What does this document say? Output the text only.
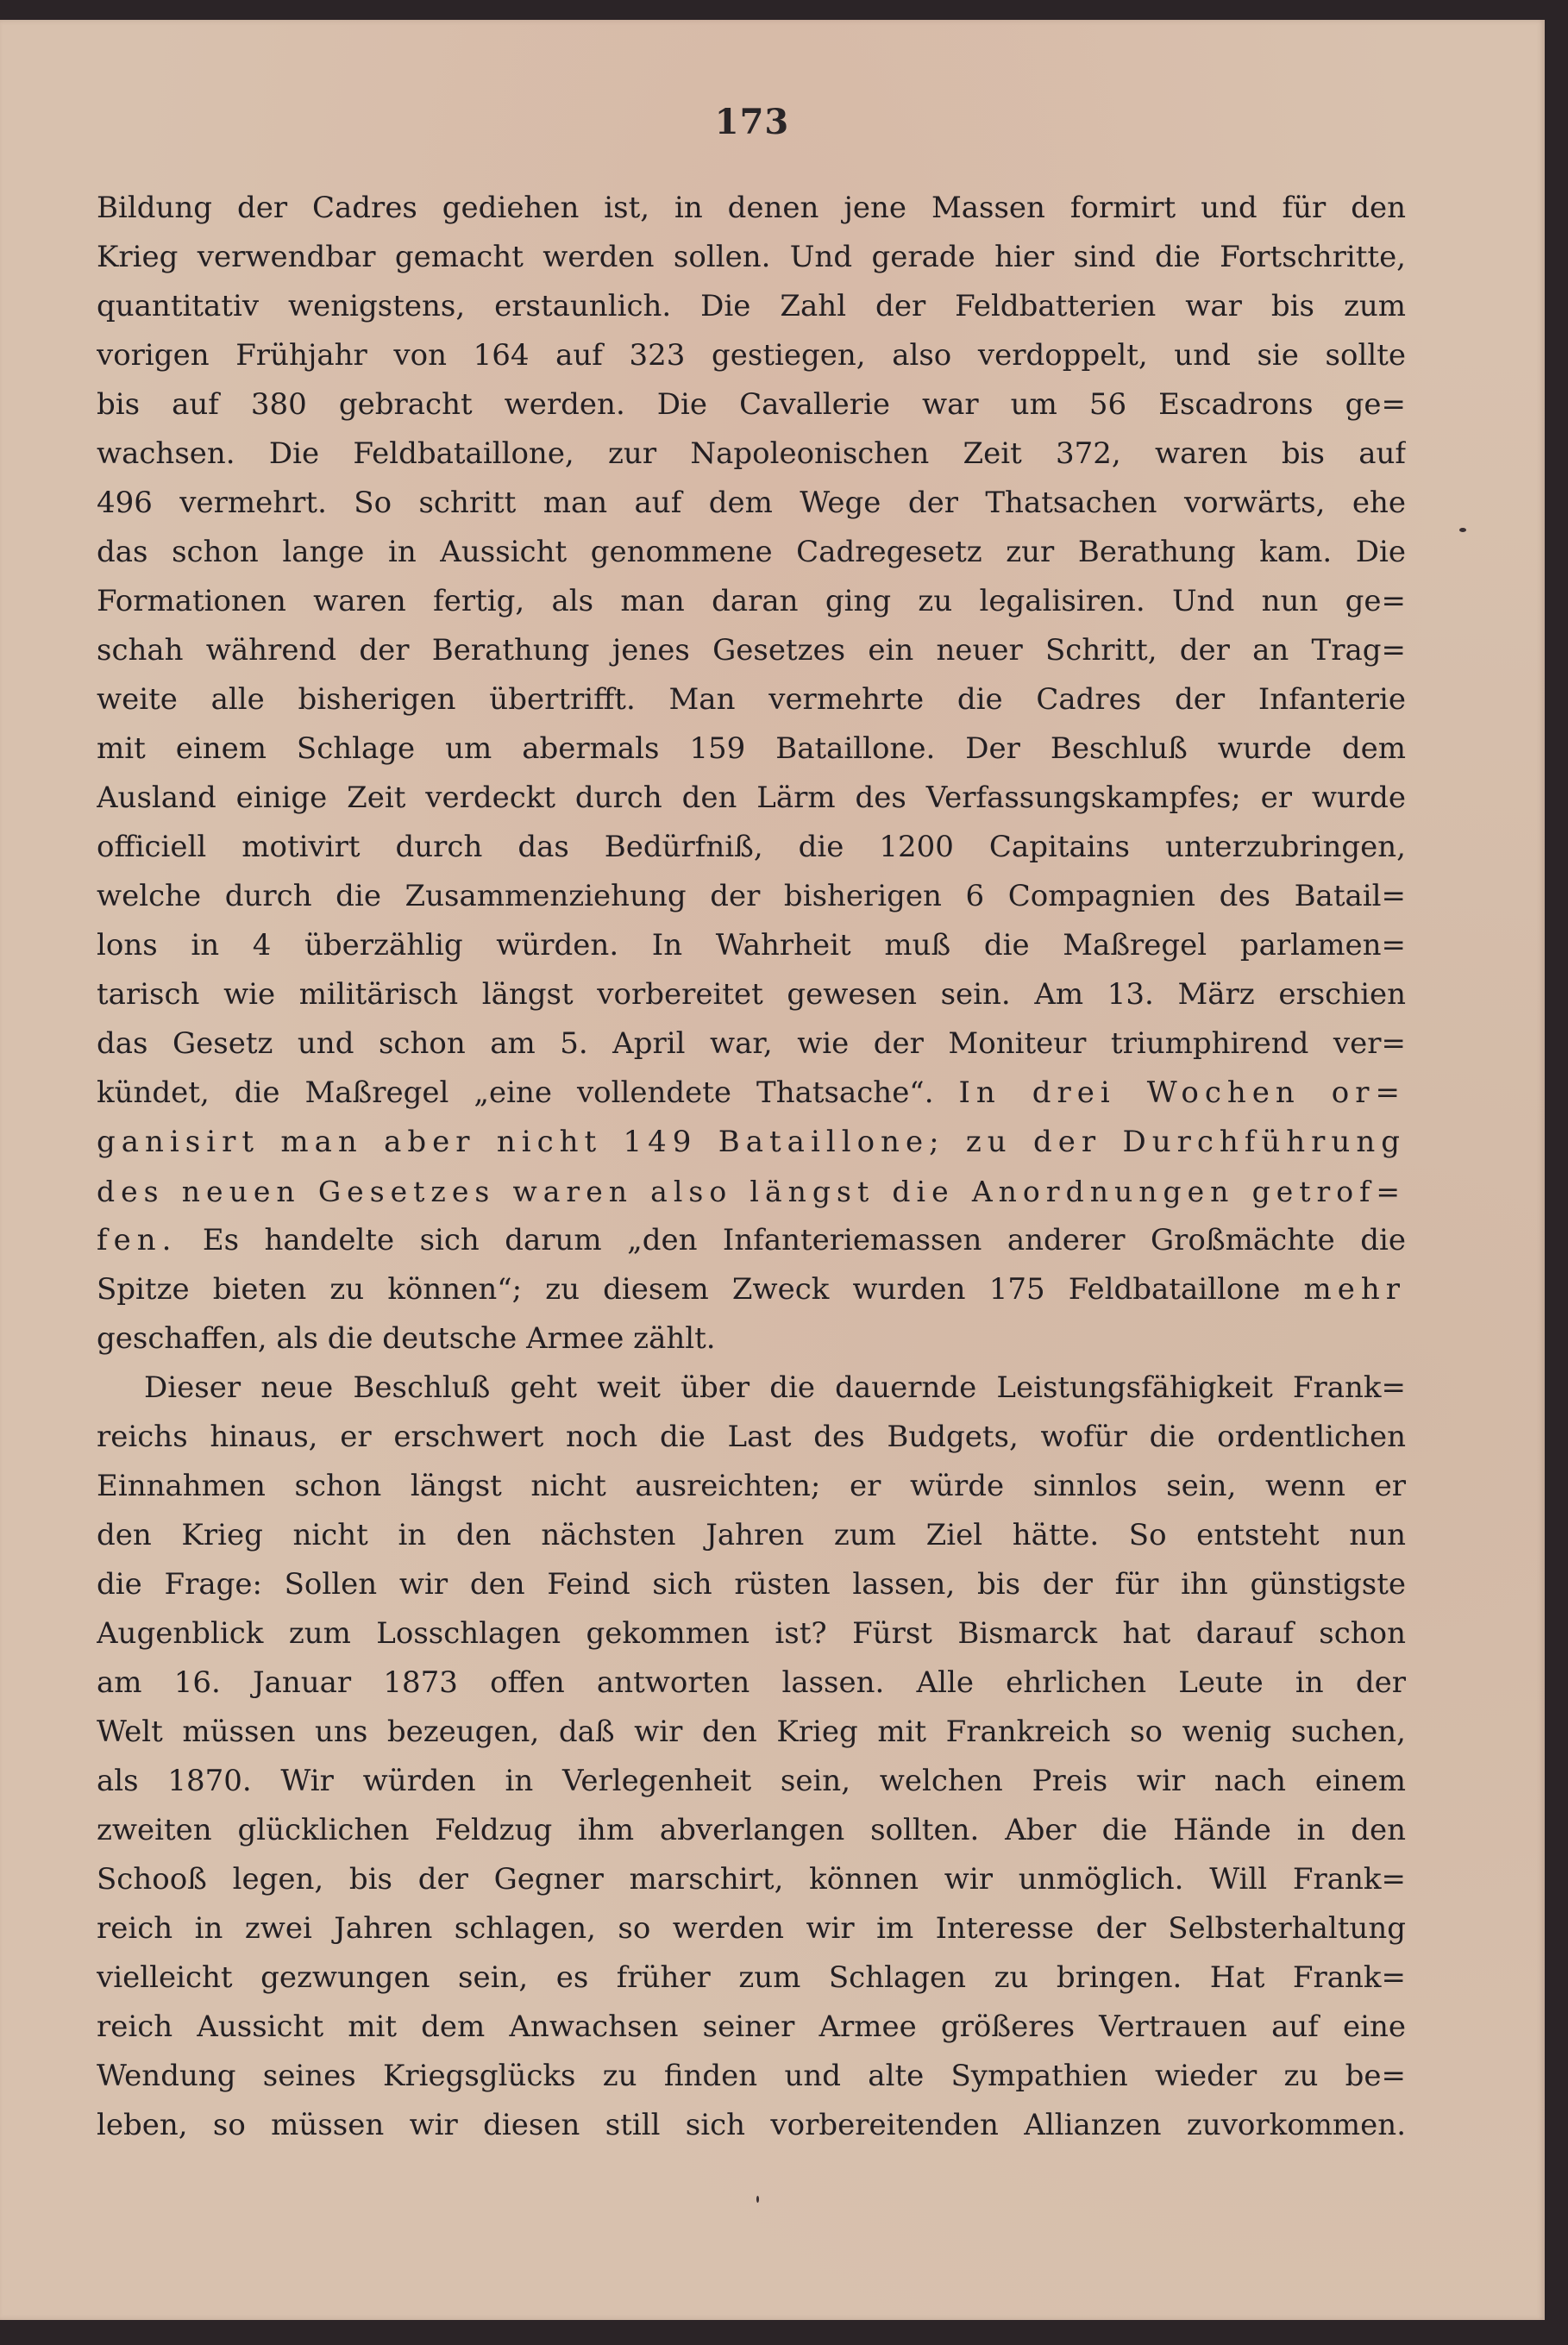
173
Bildung der Cadres gediehen ist, in denen jene Massen formirt und für den
Krieg verwendbar gemacht werden sollen. Und gerade hier sind die Fortschritte,
quantitativ wenigstens, erstaunlich. Die Zahl der Feldbatterien war bis zum
vorigen Frühjahr von 164 auf 323 gestiegen, also verdoppelt, und sie sollte
bis auf 380 gebracht werden. Die Cavallerie war um 56 Escadrons ge=
wachsen. Die Feldbataillone, zur Napoleonischen Zeit 372, waren bis auf
496 vermehrt. So schritt man auf dem Wege der Thatsachen vorwärts, ehe
das schon lange in Aussicht genommene Cadregesetz zur Berathung kam. Die
Formationen waren fertig, als man daran ging zu legalisiren. Und nun ge=
schah während der Berathung jenes Gesetzes ein neuer Schritt, der an Trag=
weite alle bisherigen übertrifft. Man vermehrte die Cadres der Infanterie
mit einem Schlage um abermals 159 Bataillone. Der Beschluß wurde dem
Ausland einige Zeit verdeckt durch den Lärm des Verfassungskampfes; er wurde
officiell motivirt durch das Bedürfniß, die 1200 Capitains unterzubringen,
welche durch die Zusammenziehung der bisherigen 6 Compagnien des Batail=
lons in 4 überzählig würden. In Wahrheit muß die Maßregel parlamen=
tarisch wie militärisch längst vorbereitet gewesen sein. Am 13. März erschien
das Gesetz und schon am 5. April war, wie der Moniteur triumphirend ver=
kündet, die Maßregel „eine vollendete Thatsache“. In drei Wochen or=
ganisirt man aber nicht 149 Bataillone; zu der Durchführung
des neuen Gesetzes waren also längst die Anordnungen getrof=
fen. Es handelte sich darum „den Infanteriemassen anderer Großmächte die
Spitze bieten zu können“; zu diesem Zweck wurden 175 Feldbataillone mehr
geschaffen, als die deutsche Armee zählt.
Dieser neue Beschluß geht weit über die dauernde Leistungsfähigkeit Frank=
reichs hinaus, er erschwert noch die Last des Budgets, wofür die ordentlichen
Einnahmen schon längst nicht ausreichten; er würde sinnlos sein, wenn er
den Krieg nicht in den nächsten Jahren zum Ziel hätte. So entsteht nun
die Frage: Sollen wir den Feind sich rüsten lassen, bis der für ihn günstigste
Augenblick zum Losschlagen gekommen ist? Fürst Bismarck hat darauf schon
am 16. Januar 1873 offen antworten lassen. Alle ehrlichen Leute in der
Welt müssen uns bezeugen, daß wir den Krieg mit Frankreich so wenig suchen,
als 1870. Wir würden in Verlegenheit sein, welchen Preis wir nach einem
zweiten glücklichen Feldzug ihm abverlangen sollten. Aber die Hände in den
Schooß legen, bis der Gegner marschirt, können wir unmöglich. Will Frank=
reich in zwei Jahren schlagen, so werden wir im Interesse der Selbsterhaltung
vielleicht gezwungen sein, es früher zum Schlagen zu bringen. Hat Frank=
reich Aussicht mit dem Anwachsen seiner Armee größeres Vertrauen auf eine
Wendung seines Kriegsglücks zu finden und alte Sympathien wieder zu be=
leben, so müssen wir diesen still sich vorbereitenden Allianzen zuvorkommen.
